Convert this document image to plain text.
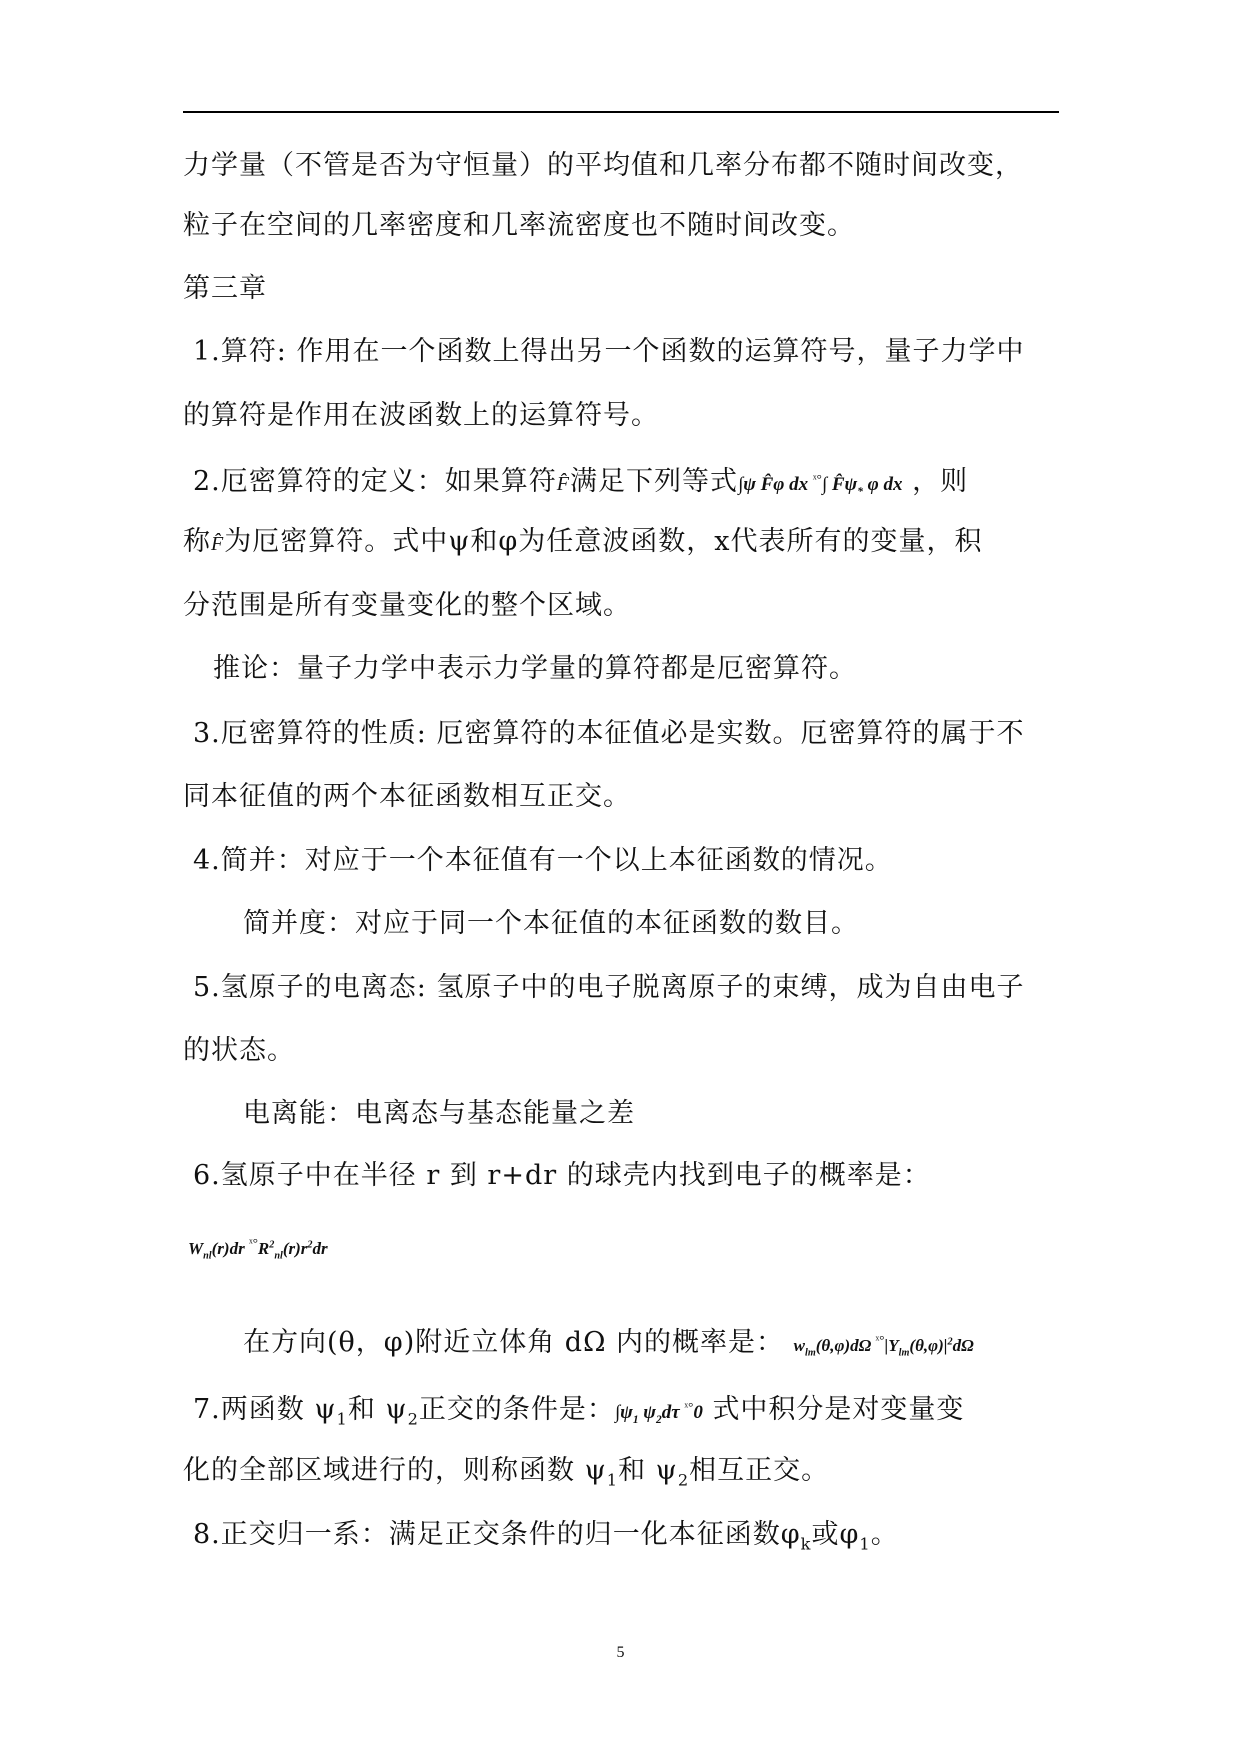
力学量（不管是否为守恒量）的平均值和几率分布都不随时间改变，
粒子在空间的几率密度和几率流密度也不随时间改变。
第三章
1.算符: 作用在一个函数上得出另一个函数的运算符号，量子力学中
的算符是作用在波函数上的运算符号。
2.厄密算符的定义：如果算符F̂满足下列等式∫ψ F̂φ dx $^{ˣ^\circ}$∫ $F̂\psi_*$ φ dx ，则
称F̂为厄密算符。式中ψ和φ为任意波函数，x代表所有的变量，积
分范围是所有变量变化的整个区域。
推论：量子力学中表示力学量的算符都是厄密算符。
3.厄密算符的性质: 厄密算符的本征值必是实数。厄密算符的属于不
同本征值的两个本征函数相互正交。
4.简并：对应于一个本征值有一个以上本征函数的情况。
简并度：对应于同一个本征值的本征函数的数目。
5.氢原子的电离态: 氢原子中的电子脱离原子的束缚，成为自由电子
的状态。
电离能：电离态与基态能量之差
6.氢原子中在半径 r 到 r+dr 的球壳内找到电子的概率是：
$W_{nl}(r)dr$ $^{ˣ^\circ}R^2_{nl}(r)r^2dr$
在方向(θ，φ)附近立体角 dΩ 内的概率是： $w_{lm}(\theta,\varphi)d\Omega$ $^{ˣ^\circ}|Y_{lm}(\theta,\varphi)|^2d\Omega$
7.两函数 $\psi_1$和 $\psi_2$正交的条件是：$\int\psi_1$ $\psi_2d\tau$ $^{ˣ^\circ}$0 式中积分是对变量变
化的全部区域进行的，则称函数 $\psi_1$和 $\psi_2$相互正交。
8.正交归一系：满足正交条件的归一化本征函数$\varphi_k$或$\varphi_1$。
5
